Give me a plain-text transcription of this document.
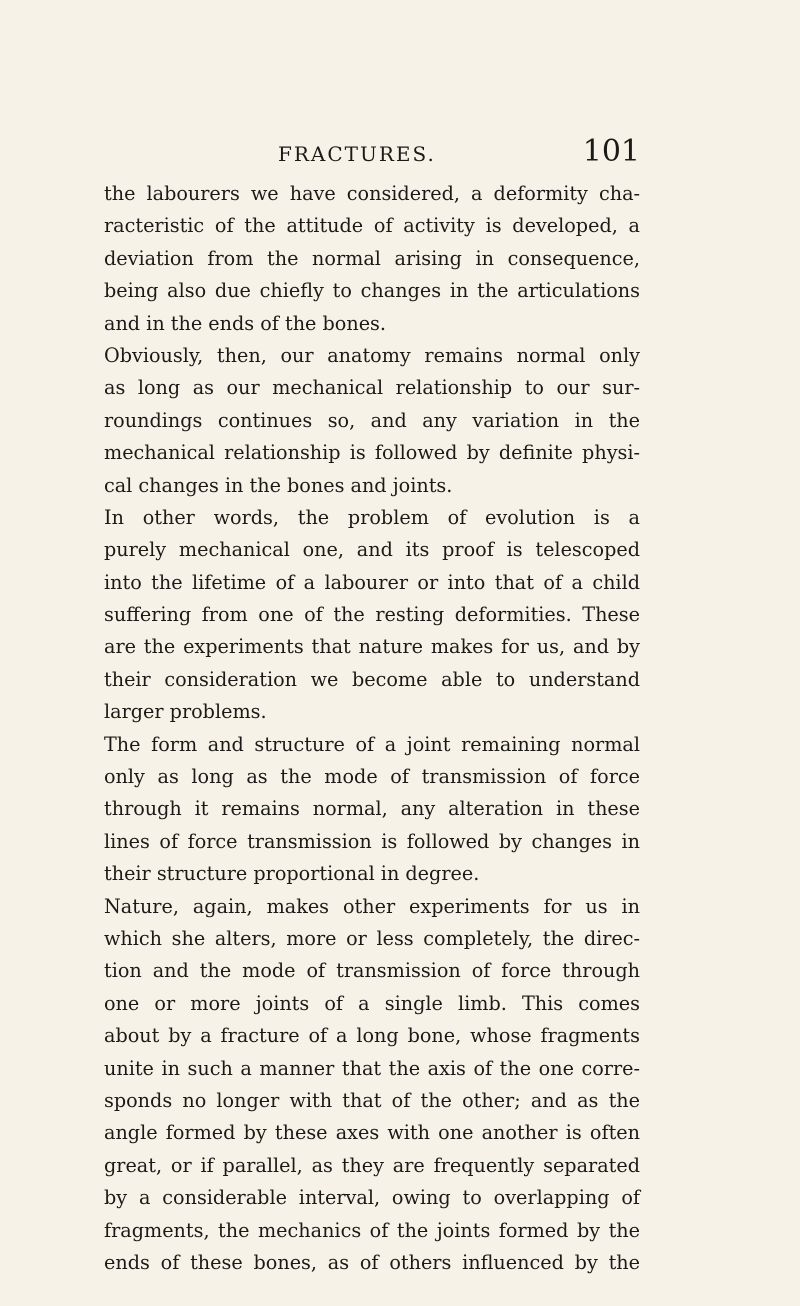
FRACTURES.	101
the labourers we have considered, a deformity cha-
racteristic of the attitude of activity is developed, a
deviation from the normal arising in consequence,
being also due chiefly to changes in the articulations
and in the ends of the bones.
Obviously, then, our anatomy remains normal only
as long as our mechanical relationship to our sur-
roundings continues so, and any variation in the
mechanical relationship is followed by definite physi-
cal changes in the bones and joints.
In other words, the problem of evolution is a
purely mechanical one, and its proof is telescoped
into the lifetime of a labourer or into that of a child
suffering from one of the resting deformities. These
are the experiments that nature makes for us, and by
their consideration we become able to understand
larger problems.
The form and structure of a joint remaining normal
only as long as the mode of transmission of force
through it remains normal, any alteration in these
lines of force transmission is followed by changes in
their structure proportional in degree.
Nature, again, makes other experiments for us in
which she alters, more or less completely, the direc-
tion and the mode of transmission of force through
one or more joints of a single limb. This comes
about by a fracture of a long bone, whose fragments
unite in such a manner that the axis of the one corre-
sponds no longer with that of the other; and as the
angle formed by these axes with one another is often
great, or if parallel, as they are frequently separated
by a considerable interval, owing to overlapping of
fragments, the mechanics of the joints formed by the
ends of these bones, as of others influenced by the
